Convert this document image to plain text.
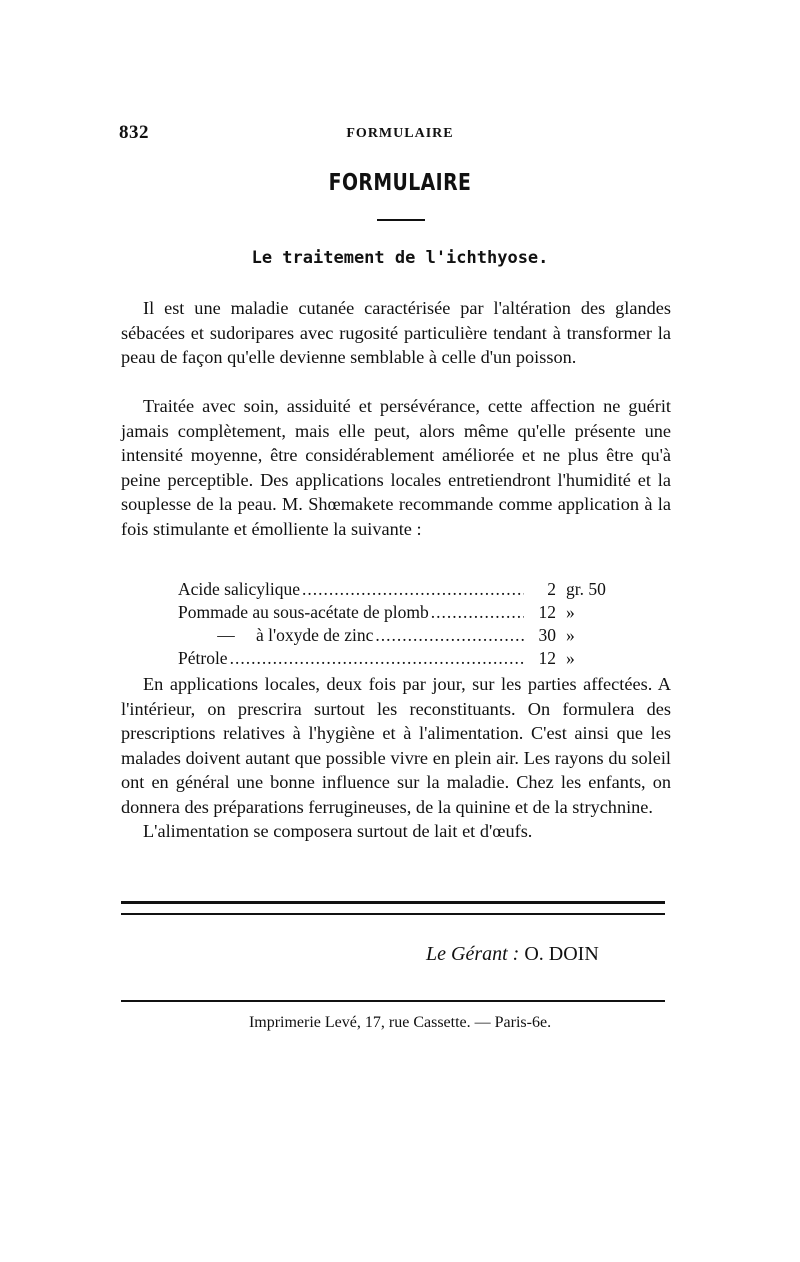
832	FORMULAIRE
FORMULAIRE
Le traitement de l'ichthyose.

Il est une maladie cutanée caractérisée par l'altération des glandes sébacées et sudoripares avec rugosité particulière tendant à transformer la peau de façon qu'elle devienne semblable à celle d'un poisson.

Traitée avec soin, assiduité et persévérance, cette affection ne guérit jamais complètement, mais elle peut, alors même qu'elle présente une intensité moyenne, être considérablement améliorée et ne plus être qu'à peine perceptible. Des applications locales entretiendront l'humidité et la souplesse de la peau. M. Shœmakete recommande comme application à la fois stimulante et émolliente la suivante :

Acide salicylique .....	2 gr. 50
Pommade au sous-acétate de plomb .....	12 »
—	à l'oxyde de zinc .....	30 »
Pétrole .....	12 »

En applications locales, deux fois par jour, sur les parties affectées. A l'intérieur, on prescrira surtout les reconstituants. On formulera des prescriptions relatives à l'hygiène et à l'alimentation. C'est ainsi que les malades doivent autant que possible vivre en plein air. Les rayons du soleil ont en général une bonne influence sur la maladie. Chez les enfants, on donnera des préparations ferrugineuses, de la quinine et de la strychnine.

L'alimentation se composera surtout de lait et d'œufs.

Le Gérant : O. DOIN
Imprimerie Levé, 17, rue Cassette. — Paris-6e.
